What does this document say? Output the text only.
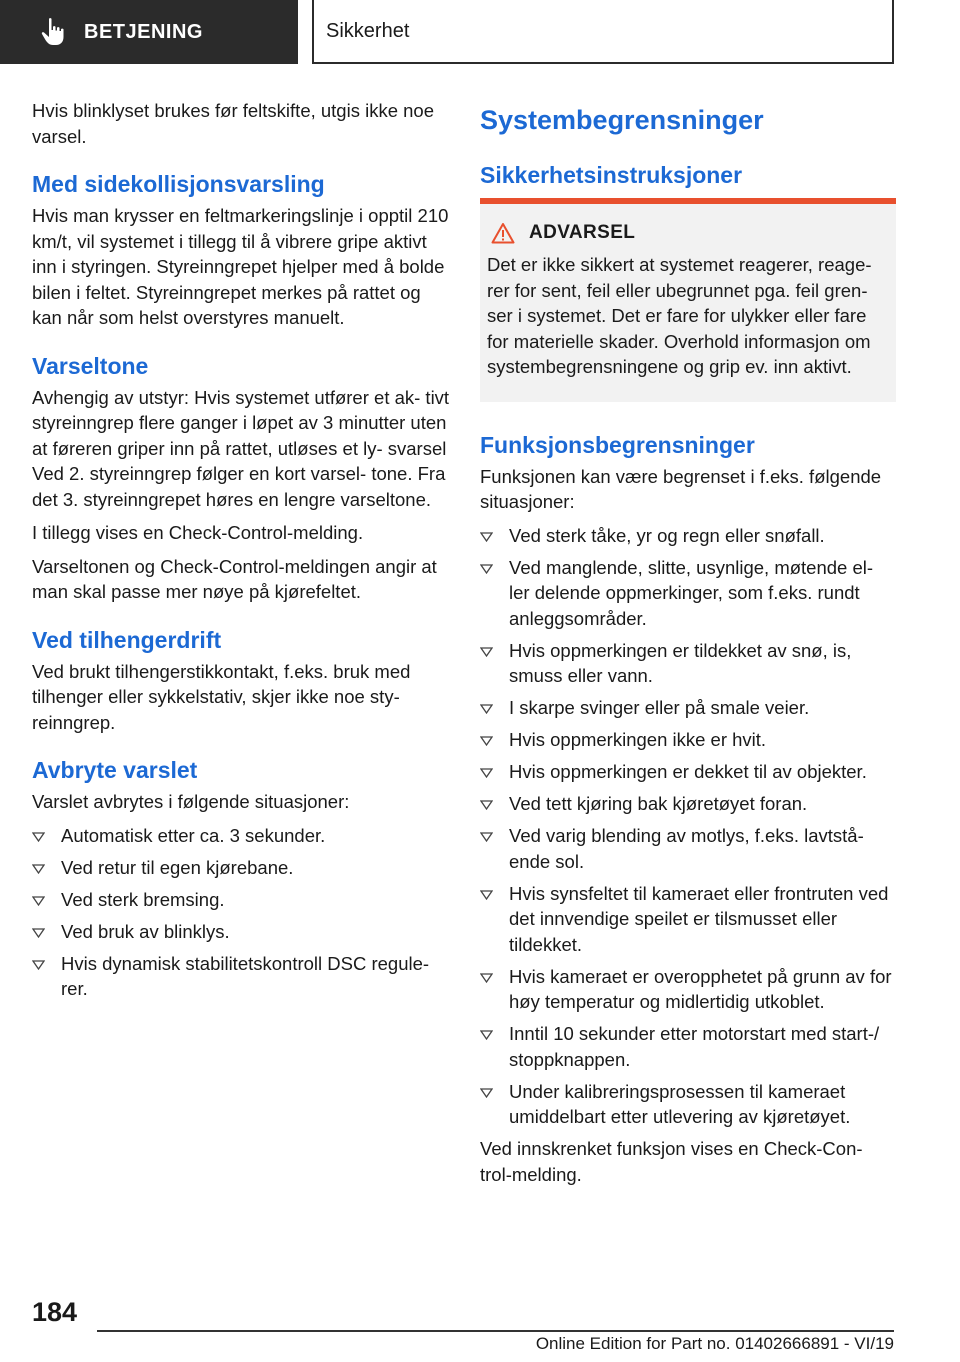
BETJENING	Sikkerhet

Hvis blinklyset brukes før feltskifte, utgis ikke noe varsel.

Med sidekollisjonsvarsling

Hvis man krysser en feltmarkeringslinje i opptil 210 km/t, vil systemet i tillegg til å vibrere gripe aktivt inn i styringen. Styreinngrepet hjelper med å bolde bilen i feltet. Styreinngrepet merkes på rattet og kan når som helst overstyres manuelt.

Varseltone

Avhengig av utstyr: Hvis systemet utfører et ak- tivt styreinngrep flere ganger i løpet av 3 minutter uten at føreren griper inn på rattet, utløses et ly- svarsel Ved 2. styreinngrep følger en kort varsel- tone. Fra det 3. styreinngrepet høres en lengre varseltone.

I tillegg vises en Check-Control-melding.

Varseltonen og Check-Control-meldingen angir at man skal passe mer nøye på kjørefeltet.

Ved tilhengerdrift

Ved brukt tilhengerstikkontakt, f.eks. bruk med tilhenger eller sykkelstativ, skjer ikke noe sty- reinngrep.

Avbryte varslet

Varslet avbrytes i følgende situasjoner:

Automatisk etter ca. 3 sekunder.
Ved retur til egen kjørebane.
Ved sterk bremsing.
Ved bruk av blinklys.
Hvis dynamisk stabilitetskontroll DSC regule- rer.
Systembegrensninger
Sikkerhetsinstruksjoner
ADVARSEL

Det er ikke sikkert at systemet reagerer, reage- rer for sent, feil eller ubegrunnet pga. feil gren- ser i systemet. Det er fare for ulykker eller fare for materielle skader. Overhold informasjon om systembegrensningene og grip ev. inn aktivt.

Funksjonsbegrensninger

Funksjonen kan være begrenset i f.eks. følgende situasjoner:

Ved sterk tåke, yr og regn eller snøfall.
Ved manglende, slitte, usynlige, møtende el- ler delende oppmerkinger, som f.eks. rundt anleggsområder.
Hvis oppmerkingen er tildekket av snø, is, smuss eller vann.
I skarpe svinger eller på smale veier.
Hvis oppmerkingen ikke er hvit.
Hvis oppmerkingen er dekket til av objekter.
Ved tett kjøring bak kjøretøyet foran.
Ved varig blending av motlys, f.eks. lavtstå- ende sol.
Hvis synsfeltet til kameraet eller frontruten ved det innvendige speilet er tilsmusset eller tildekket.
Hvis kameraet er overopphetet på grunn av for høy temperatur og midlertidig utkoblet.
Inntil 10 sekunder etter motorstart med start-/ stoppknappen.
Under kalibreringsprosessen til kameraet umiddelbart etter utlevering av kjøretøyet.

Ved innskrenket funksjon vises en Check-Con- trol-melding.

184
Online Edition for Part no. 01402666891 - VI/19
